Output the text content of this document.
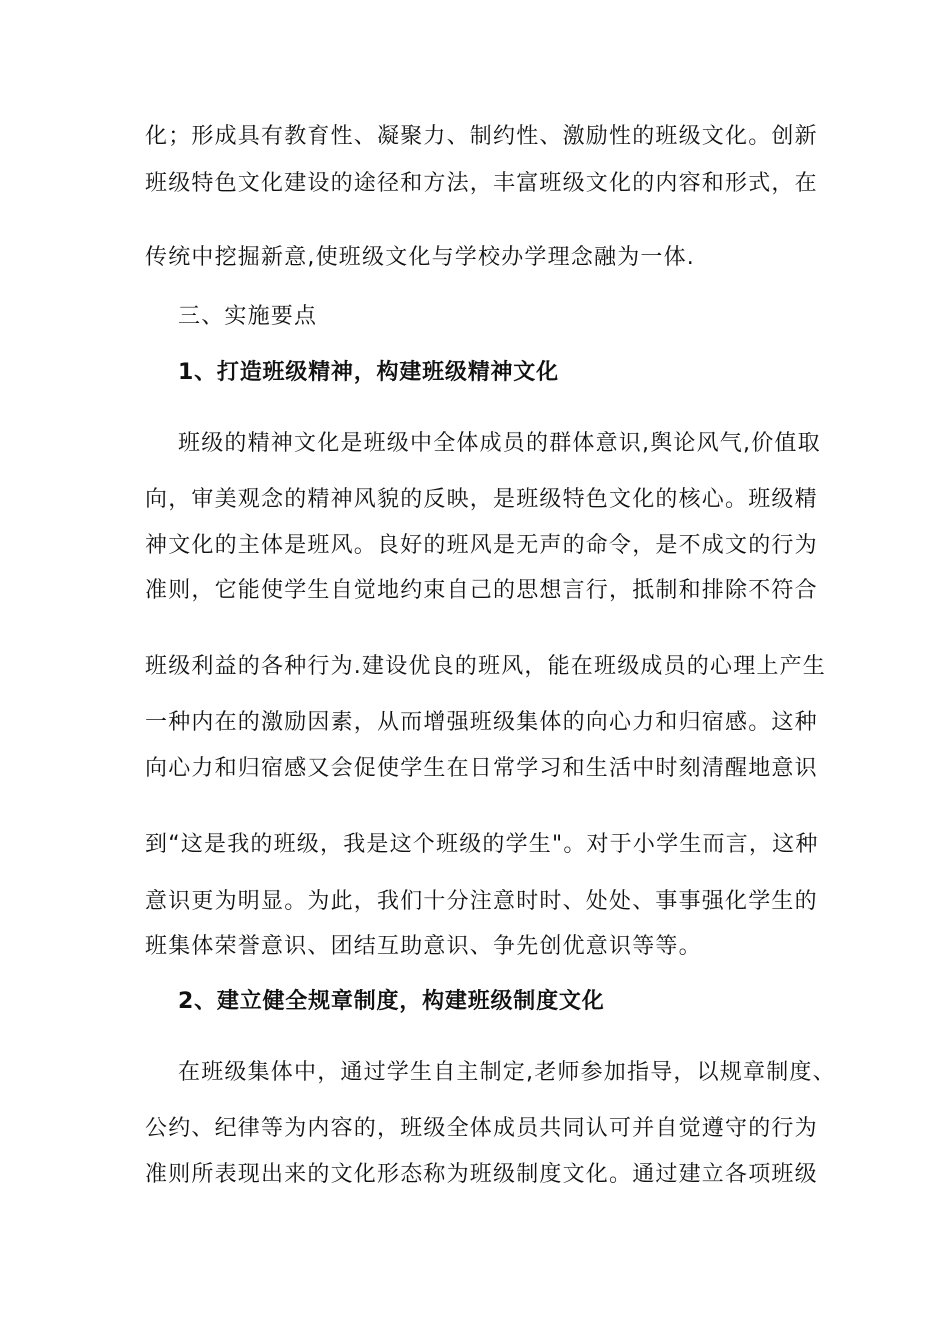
化；形成具有教育性、凝聚力、制约性、激励性的班级文化。创新
班级特色文化建设的途径和方法，丰富班级文化的内容和形式，在
传统中挖掘新意,使班级文化与学校办学理念融为一体.
三、实施要点
1、打造班级精神，构建班级精神文化
班级的精神文化是班级中全体成员的群体意识,舆论风气,价值取
向，审美观念的精神风貌的反映，是班级特色文化的核心。班级精
神文化的主体是班风。良好的班风是无声的命令，是不成文的行为
准则，它能使学生自觉地约束自己的思想言行，抵制和排除不符合
班级利益的各种行为.建设优良的班风，能在班级成员的心理上产生
一种内在的激励因素，从而增强班级集体的向心力和归宿感。这种
向心力和归宿感又会促使学生在日常学习和生活中时刻清醒地意识
到“这是我的班级，我是这个班级的学生"。对于小学生而言，这种
意识更为明显。为此，我们十分注意时时、处处、事事强化学生的
班集体荣誉意识、团结互助意识、争先创优意识等等。
2、建立健全规章制度，构建班级制度文化
在班级集体中，通过学生自主制定,老师参加指导，以规章制度、
公约、纪律等为内容的，班级全体成员共同认可并自觉遵守的行为
准则所表现出来的文化形态称为班级制度文化。通过建立各项班级
